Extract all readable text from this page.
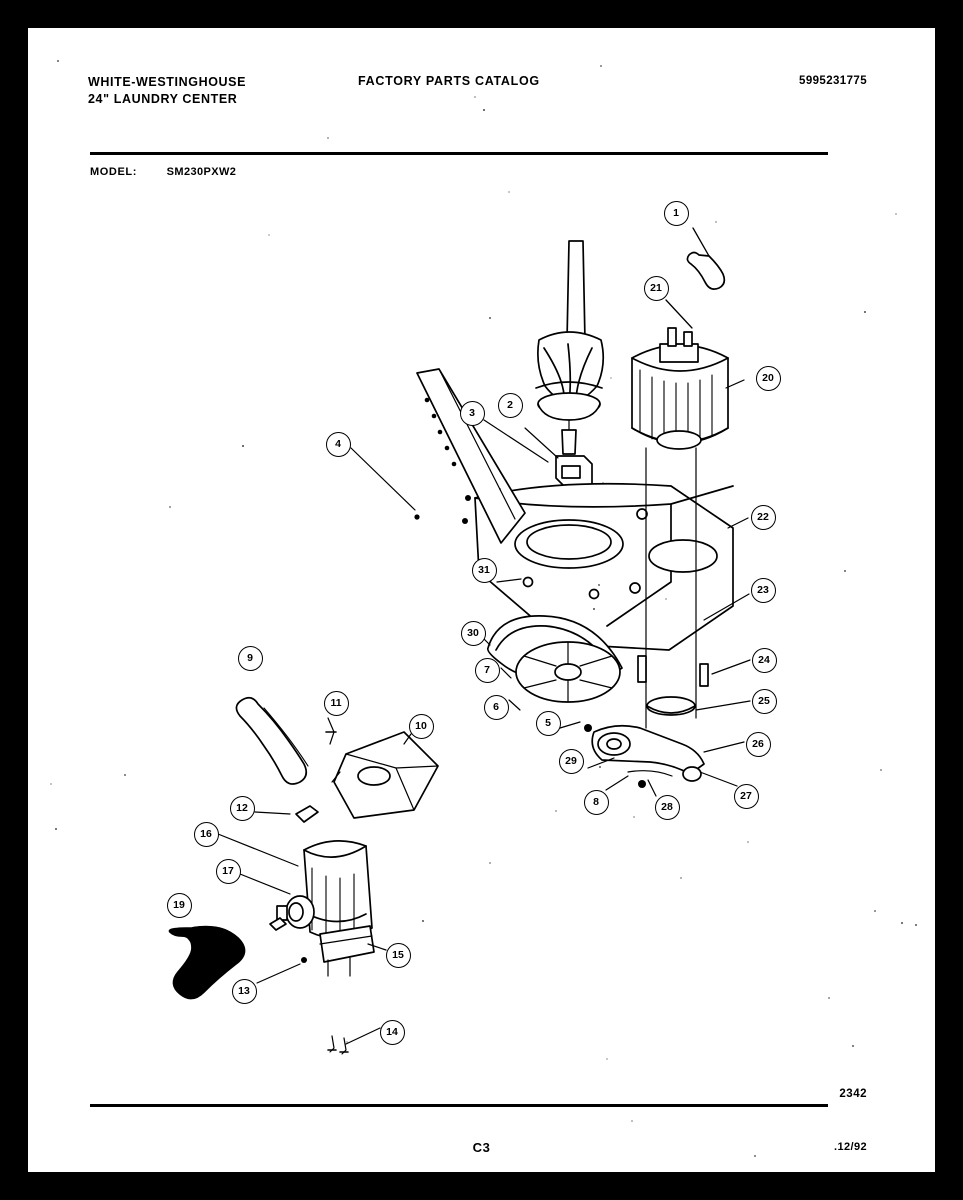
WHITE-WESTINGHOUSE
24" LAUNDRY CENTER
FACTORY PARTS CATALOG	5995231775
MODEL:	SM230PXW2
1
21
20
3
2
4
22
31
23
30
24
9
7
25
11	6
5
10
26
29
12	8	28
27
16
17
19
15
13
14
2342
C3	.12/92
